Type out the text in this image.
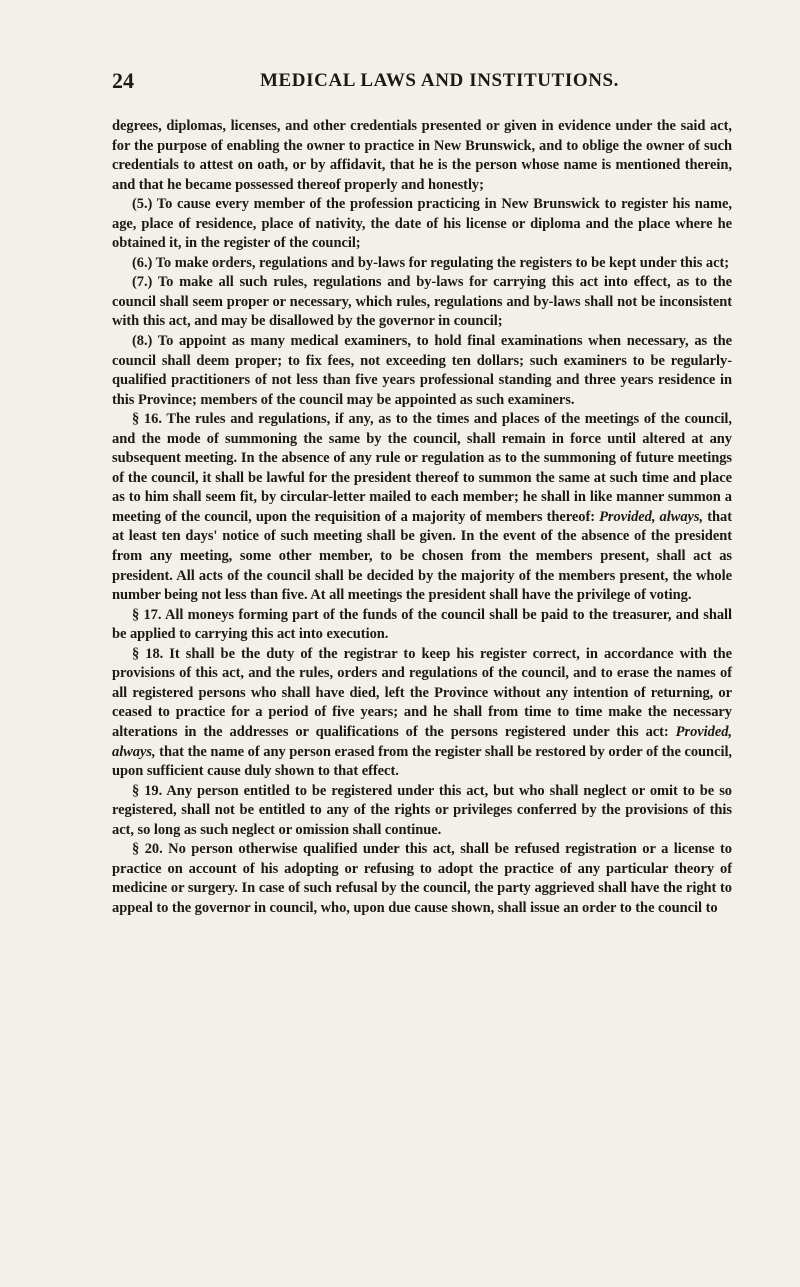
24	MEDICAL LAWS AND INSTITUTIONS.

degrees, diplomas, licenses, and other credentials presented or given in evidence under the said act, for the purpose of enabling the owner to practice in New Brunswick, and to oblige the owner of such credentials to attest on oath, or by affidavit, that he is the person whose name is mentioned therein, and that he became possessed thereof properly and honestly;

(5.) To cause every member of the profession practicing in New Brunswick to register his name, age, place of residence, place of nativity, the date of his license or diploma and the place where he obtained it, in the register of the council;

(6.) To make orders, regulations and by-laws for regulating the registers to be kept under this act;

(7.) To make all such rules, regulations and by-laws for carrying this act into effect, as to the council shall seem proper or necessary, which rules, regulations and by-laws shall not be inconsistent with this act, and may be disallowed by the governor in council;

(8.) To appoint as many medical examiners, to hold final examinations when necessary, as the council shall deem proper; to fix fees, not exceeding ten dollars; such examiners to be regularly-qualified practitioners of not less than five years professional standing and three years residence in this Province; members of the council may be appointed as such examiners.

§ 16. The rules and regulations, if any, as to the times and places of the meetings of the council, and the mode of summoning the same by the council, shall remain in force until altered at any subsequent meeting. In the absence of any rule or regulation as to the summoning of future meetings of the council, it shall be lawful for the president thereof to summon the same at such time and place as to him shall seem fit, by circular-letter mailed to each member; he shall in like manner summon a meeting of the council, upon the requisition of a majority of members thereof: Provided, always, that at least ten days' notice of such meeting shall be given. In the event of the absence of the president from any meeting, some other member, to be chosen from the members present, shall act as president. All acts of the council shall be decided by the majority of the members present, the whole number being not less than five. At all meetings the president shall have the privilege of voting.

§ 17. All moneys forming part of the funds of the council shall be paid to the treasurer, and shall be applied to carrying this act into execution.

§ 18. It shall be the duty of the registrar to keep his register correct, in accordance with the provisions of this act, and the rules, orders and regulations of the council, and to erase the names of all registered persons who shall have died, left the Province without any intention of returning, or ceased to practice for a period of five years; and he shall from time to time make the necessary alterations in the addresses or qualifications of the persons registered under this act: Provided, always, that the name of any person erased from the register shall be restored by order of the council, upon sufficient cause duly shown to that effect.

§ 19. Any person entitled to be registered under this act, but who shall neglect or omit to be so registered, shall not be entitled to any of the rights or privileges conferred by the provisions of this act, so long as such neglect or omission shall continue.

§ 20. No person otherwise qualified under this act, shall be refused registration or a license to practice on account of his adopting or refusing to adopt the practice of any particular theory of medicine or surgery. In case of such refusal by the council, the party aggrieved shall have the right to appeal to the governor in council, who, upon due cause shown, shall issue an order to the council to
